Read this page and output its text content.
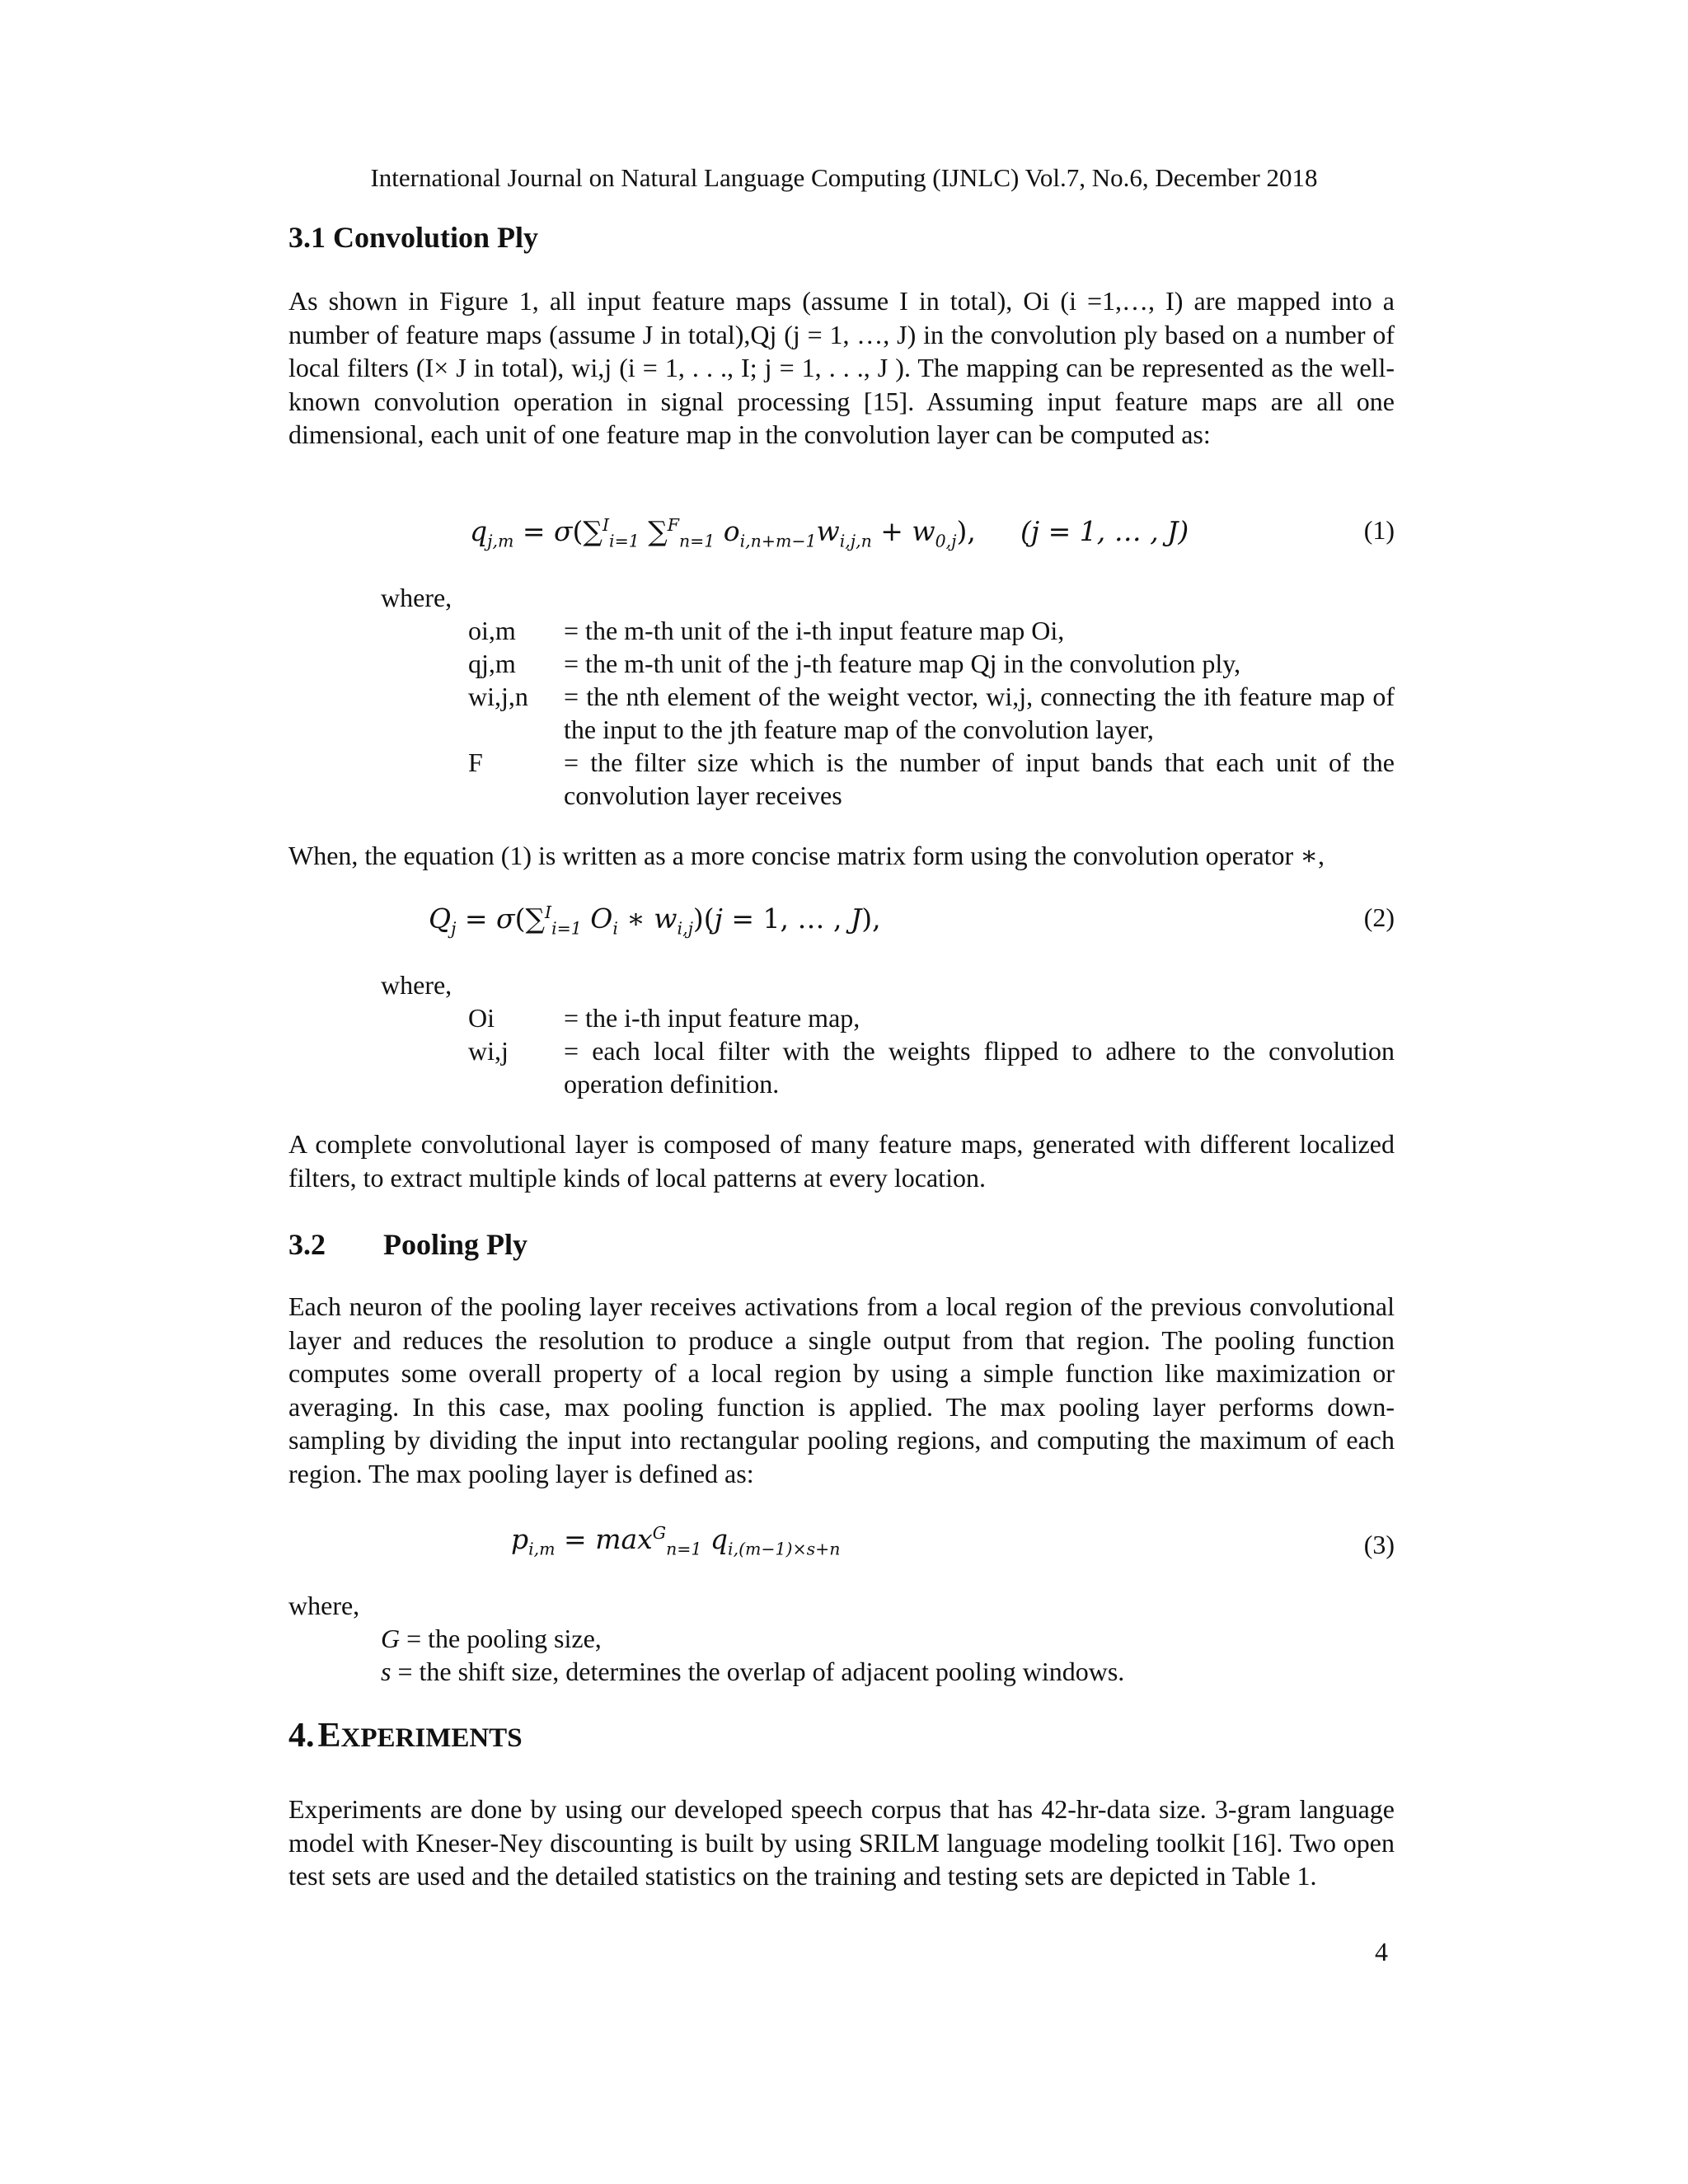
International Journal on Natural Language Computing (IJNLC) Vol.7, No.6, December 2018
3.1 Convolution Ply
As shown in Figure 1, all input feature maps (assume I in total), Oi (i =1,…, I) are mapped into a number of feature maps (assume J in total),Qj (j = 1, …, J) in the convolution ply based on a number of local filters (I× J in total), wi,j (i = 1, . . ., I; j = 1, . . ., J ). The mapping can be represented as the well-known convolution operation in signal processing [15]. Assuming input feature maps are all one dimensional, each unit of one feature map in the convolution layer can be computed as:
$q_{j,m} = \sigma(\sum^I_{i=1}$ ∑$^F_{n=1}$ $o_{i,n+m-1}w_{i,j,n} + w_{0,j}$), (j = 1, … , J)	(1)
where,
oi,m	= the m-th unit of the i-th input feature map Oi,
qj,m	= the m-th unit of the j-th feature map Qj in the convolution ply,
wi,j,n	= the nth element of the weight vector, wi,j, connecting the ith feature map of the input to the jth feature map of the convolution layer,
F	= the filter size which is the number of input bands that each unit of the convolution layer receives
When, the equation (1) is written as a more concise matrix form using the convolution operator ∗,
$Q_j = \sigma(\sum^I_{i=1}$ $O_i$ ∗ $w_{i,j})(j = 1$, … , J),	(2)
where,
Oi	= the i-th input feature map,
wi,j	= each local filter with the weights flipped to adhere to the convolution operation definition.
A complete convolutional layer is composed of many feature maps, generated with different localized filters, to extract multiple kinds of local patterns at every location.
3.2 Pooling Ply
Each neuron of the pooling layer receives activations from a local region of the previous convolutional layer and reduces the resolution to produce a single output from that region. The pooling function computes some overall property of a local region by using a simple function like maximization or averaging. In this case, max pooling function is applied. The max pooling layer performs down-sampling by dividing the input into rectangular pooling regions, and computing the maximum of each region. The max pooling layer is defined as:
$p_{i,m} = \max^G_{n=1} q_{i,(m-1)\times s+n}$	(3)
where,
G = the pooling size,
s = the shift size, determines the overlap of adjacent pooling windows.
4. EXPERIMENTS
Experiments are done by using our developed speech corpus that has 42-hr-data size. 3-gram language model with Kneser-Ney discounting is built by using SRILM language modeling toolkit [16]. Two open test sets are used and the detailed statistics on the training and testing sets are depicted in Table 1.
4
